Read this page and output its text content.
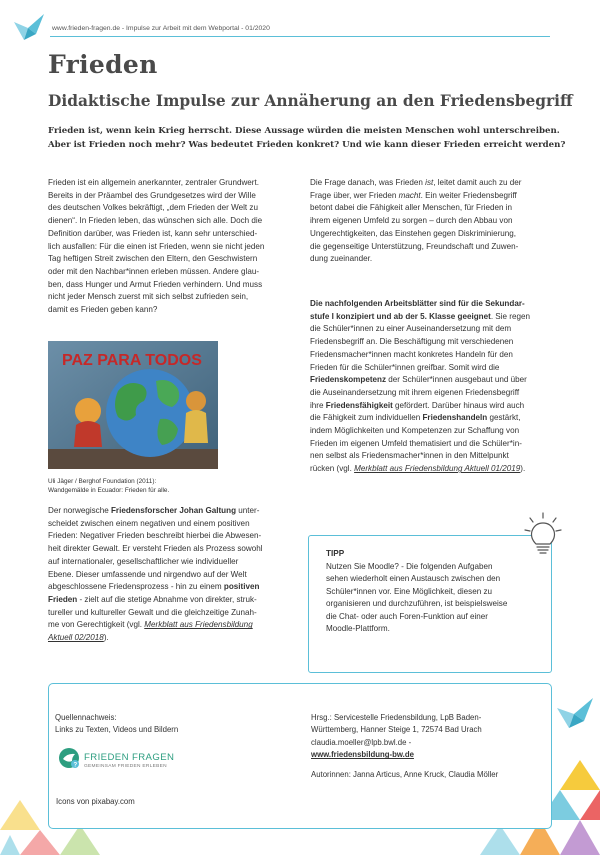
www.frieden-fragen.de - Impulse zur Arbeit mit dem Webportal - 01/2020
Frieden
Didaktische Impulse zur Annäherung an den Friedensbegriff
Frieden ist, wenn kein Krieg herrscht. Diese Aussage würden die meisten Menschen wohl unterschreiben.
Aber ist Frieden noch mehr? Was bedeutet Frieden konkret? Und wie kann dieser Frieden erreicht werden?
Frieden ist ein allgemein anerkannter, zentraler Grundwert.
Bereits in der Präambel des Grundgesetzes wird der Wille
des deutschen Volkes bekräftigt, „dem Frieden der Welt zu
dienen“. In Frieden leben, das wünschen sich alle. Doch die
Definition darüber, was Frieden ist, kann sehr unterschied-
lich ausfallen: Für die einen ist Frieden, wenn sie nicht jeden
Tag heftigen Streit zwischen den Eltern, den Geschwistern
oder mit den Nachbar*innen erleben müssen. Andere glau-
ben, dass Hunger und Armut Frieden verhindern. Und muss
nicht jeder Mensch zuerst mit sich selbst zufrieden sein,
damit es Frieden geben kann?
PAZ PARA TODOS
Uli Jäger / Berghof Foundation (2011):
Wandgemälde in Ecuador: Frieden für alle.
Der norwegische Friedensforscher Johan Galtung unter-
scheidet zwischen einem negativen und einem positiven
Frieden: Negativer Frieden beschreibt hierbei die Abwesen-
heit direkter Gewalt. Er versteht Frieden als Prozess sowohl
auf internationaler, gesellschaftlicher wie individueller
Ebene. Dieser umfassende und nirgendwo auf der Welt
abgeschlossene Friedensprozess - hin zu einem positiven
Frieden - zielt auf die stetige Abnahme von direkter, struk-
tureller und kultureller Gewalt und die gleichzeitige Zunah-
me von Gerechtigkeit (vgl. Merkblatt aus Friedensbildung
Aktuell 02/2018).
Die Frage danach, was Frieden ist, leitet damit auch zu der
Frage über, wer Frieden macht. Ein weiter Friedensbegriff
betont dabei die Fähigkeit aller Menschen, für Frieden in
ihrem eigenen Umfeld zu sorgen – durch den Abbau von
Ungerechtigkeiten, das Einstehen gegen Diskriminierung,
die gegenseitige Unterstützung, Freundschaft und Zuwen-
dung zueinander.
Die nachfolgenden Arbeitsblätter sind für die Sekundar-
stufe I konzipiert und ab der 5. Klasse geeignet. Sie regen
die Schüler*innen zu einer Auseinandersetzung mit dem
Friedensbegriff an. Die Beschäftigung mit verschiedenen
Friedensmacher*innen macht konkretes Handeln für den
Frieden für die Schüler*innen greifbar. Somit wird die
Friedenskompetenz der Schüler*innen ausgebaut und über
die Auseinandersetzung mit ihrem eigenen Friedensbegriff
ihre Friedensfähigkeit gefördert. Darüber hinaus wird auch
die Fähigkeit zum individuellen Friedenshandeln gestärkt,
indem Möglichkeiten und Kompetenzen zur Schaffung von
Frieden im eigenen Umfeld thematisiert und die Schüler*in-
nen selbst als Friedensmacher*innen in den Mittelpunkt
rücken (vgl. Merkblatt aus Friedensbildung Aktuell 01/2019).
TIPP
Nutzen Sie Moodle? - Die folgenden Aufgaben
sehen wiederholt einen Austausch zwischen den
Schüler*innen vor. Eine Möglichkeit, diesen zu
organisieren und durchzuführen, ist beispielsweise
die Chat- oder auch Foren-Funktion auf einer
Moodle-Plattform.
Quellennachweis:
Links zu Texten, Videos und Bildern
?
FRIEDEN FRAGEN
GEMEINSAM FRIEDEN ERLEBEN
Icons von pixabay.com
Hrsg.: Servicestelle Friedensbildung, LpB Baden-
Württemberg, Hanner Steige 1, 72574 Bad Urach
claudia.moeller@lpb.bwl.de -
www.friedensbildung-bw.de
Autorinnen: Janna Articus, Anne Kruck, Claudia Möller
